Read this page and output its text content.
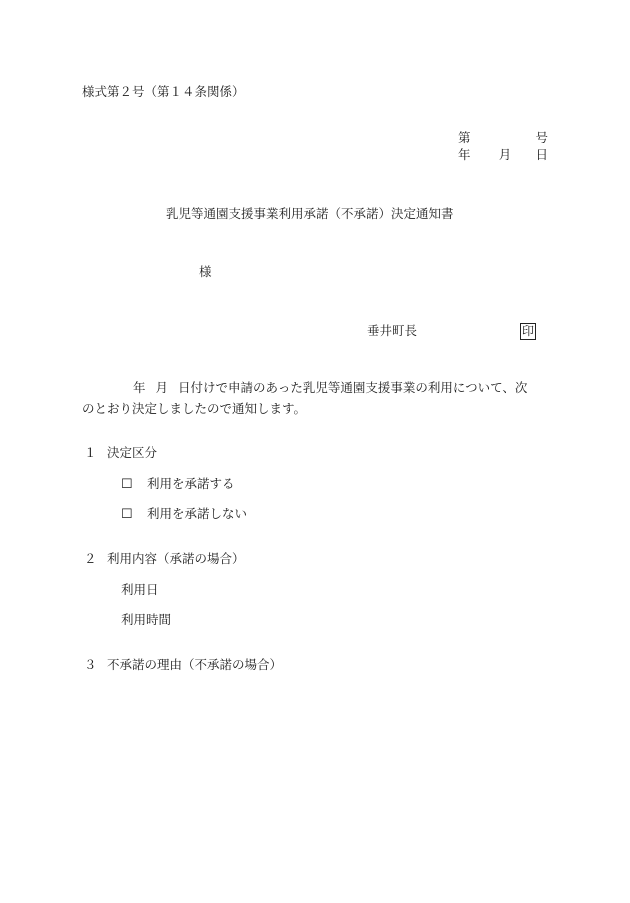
様式第２号（第１４条関係）
第	号
年 月 日
乳児等通園支援事業利用承諾（不承諾）決定通知書
様
垂井町長	印
年 月 日付けで申請のあった乳児等通園支援事業の利用について、次
のとおり決定しましたので通知します。
１ 決定区分
☐ 利用を承諾する
☐ 利用を承諾しない
２ 利用内容（承諾の場合）
利用日
利用時間
３ 不承諾の理由（不承諾の場合）
